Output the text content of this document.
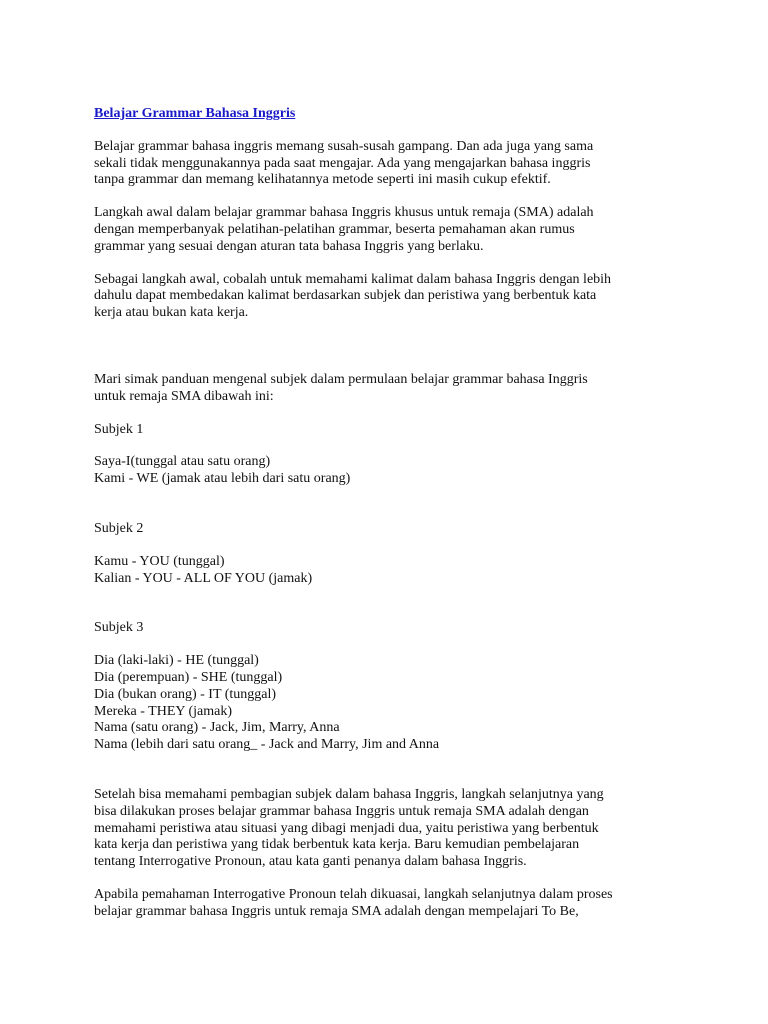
Belajar Grammar Bahasa Inggris

Belajar grammar bahasa inggris memang susah-susah gampang. Dan ada juga yang sama
sekali tidak menggunakannya pada saat mengajar. Ada yang mengajarkan bahasa inggris
tanpa grammar dan memang kelihatannya metode seperti ini masih cukup efektif.

Langkah awal dalam belajar grammar bahasa Inggris khusus untuk remaja (SMA) adalah
dengan memperbanyak pelatihan-pelatihan grammar, beserta pemahaman akan rumus
grammar yang sesuai dengan aturan tata bahasa Inggris yang berlaku.

Sebagai langkah awal, cobalah untuk memahami kalimat dalam bahasa Inggris dengan lebih
dahulu dapat membedakan kalimat berdasarkan subjek dan peristiwa yang berbentuk kata
kerja atau bukan kata kerja.

Mari simak panduan mengenal subjek dalam permulaan belajar grammar bahasa Inggris
untuk remaja SMA dibawah ini:

Subjek 1

Saya-I(tunggal atau satu orang)
Kami - WE (jamak atau lebih dari satu orang)

Subjek 2

Kamu - YOU (tunggal)
Kalian - YOU - ALL OF YOU (jamak)

Subjek 3

Dia (laki-laki) - HE (tunggal)
Dia (perempuan) - SHE (tunggal)
Dia (bukan orang) - IT (tunggal)
Mereka - THEY (jamak)
Nama (satu orang) - Jack, Jim, Marry, Anna
Nama (lebih dari satu orang_ - Jack and Marry, Jim and Anna

Setelah bisa memahami pembagian subjek dalam bahasa Inggris, langkah selanjutnya yang
bisa dilakukan proses belajar grammar bahasa Inggris untuk remaja SMA adalah dengan
memahami peristiwa atau situasi yang dibagi menjadi dua, yaitu peristiwa yang berbentuk
kata kerja dan peristiwa yang tidak berbentuk kata kerja. Baru kemudian pembelajaran
tentang Interrogative Pronoun, atau kata ganti penanya dalam bahasa Inggris.

Apabila pemahaman Interrogative Pronoun telah dikuasai, langkah selanjutnya dalam proses
belajar grammar bahasa Inggris untuk remaja SMA adalah dengan mempelajari To Be,
